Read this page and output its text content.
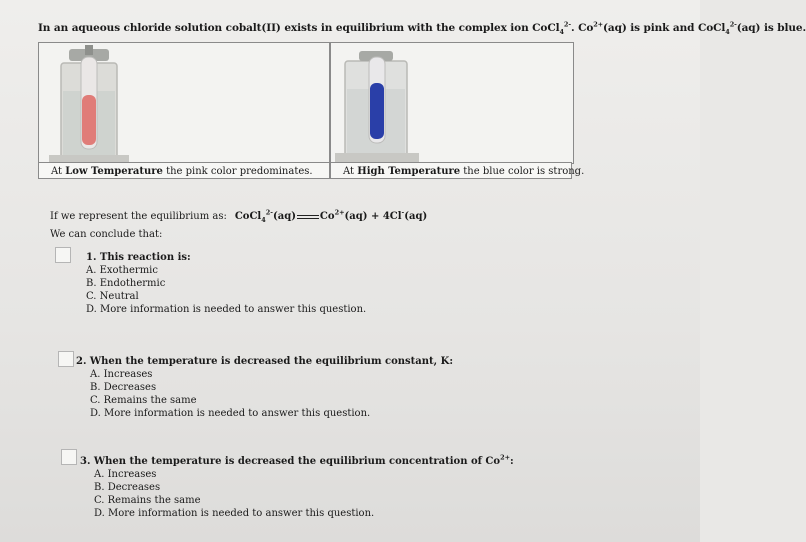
In an aqueous chloride solution cobalt(II) exists in equilibrium with the complex ion CoCl$_4^{2-}$. $Co^{2+}(aq)$ is pink and CoCl$_4^{2-}$(aq) is blue.
At Low Temperature the pink color predominates.	At High Temperature the blue color is strong.
If we represent the equilibrium as: CoCl$_4^{2-}$(aq) $Co^{2+}(aq) + 4Cl^-(aq)$
We can conclude that:
1. This reaction is:
A. Exothermic
B. Endothermic
C. Neutral
D. More information is needed to answer this question.
2. When the temperature is decreased the equilibrium constant, K:
A. Increases
B. Decreases
C. Remains the same
D. More information is needed to answer this question.
3. When the temperature is decreased the equilibrium concentration of $Co^{2+}$:
A. Increases
B. Decreases
C. Remains the same
D. More information is needed to answer this question.
